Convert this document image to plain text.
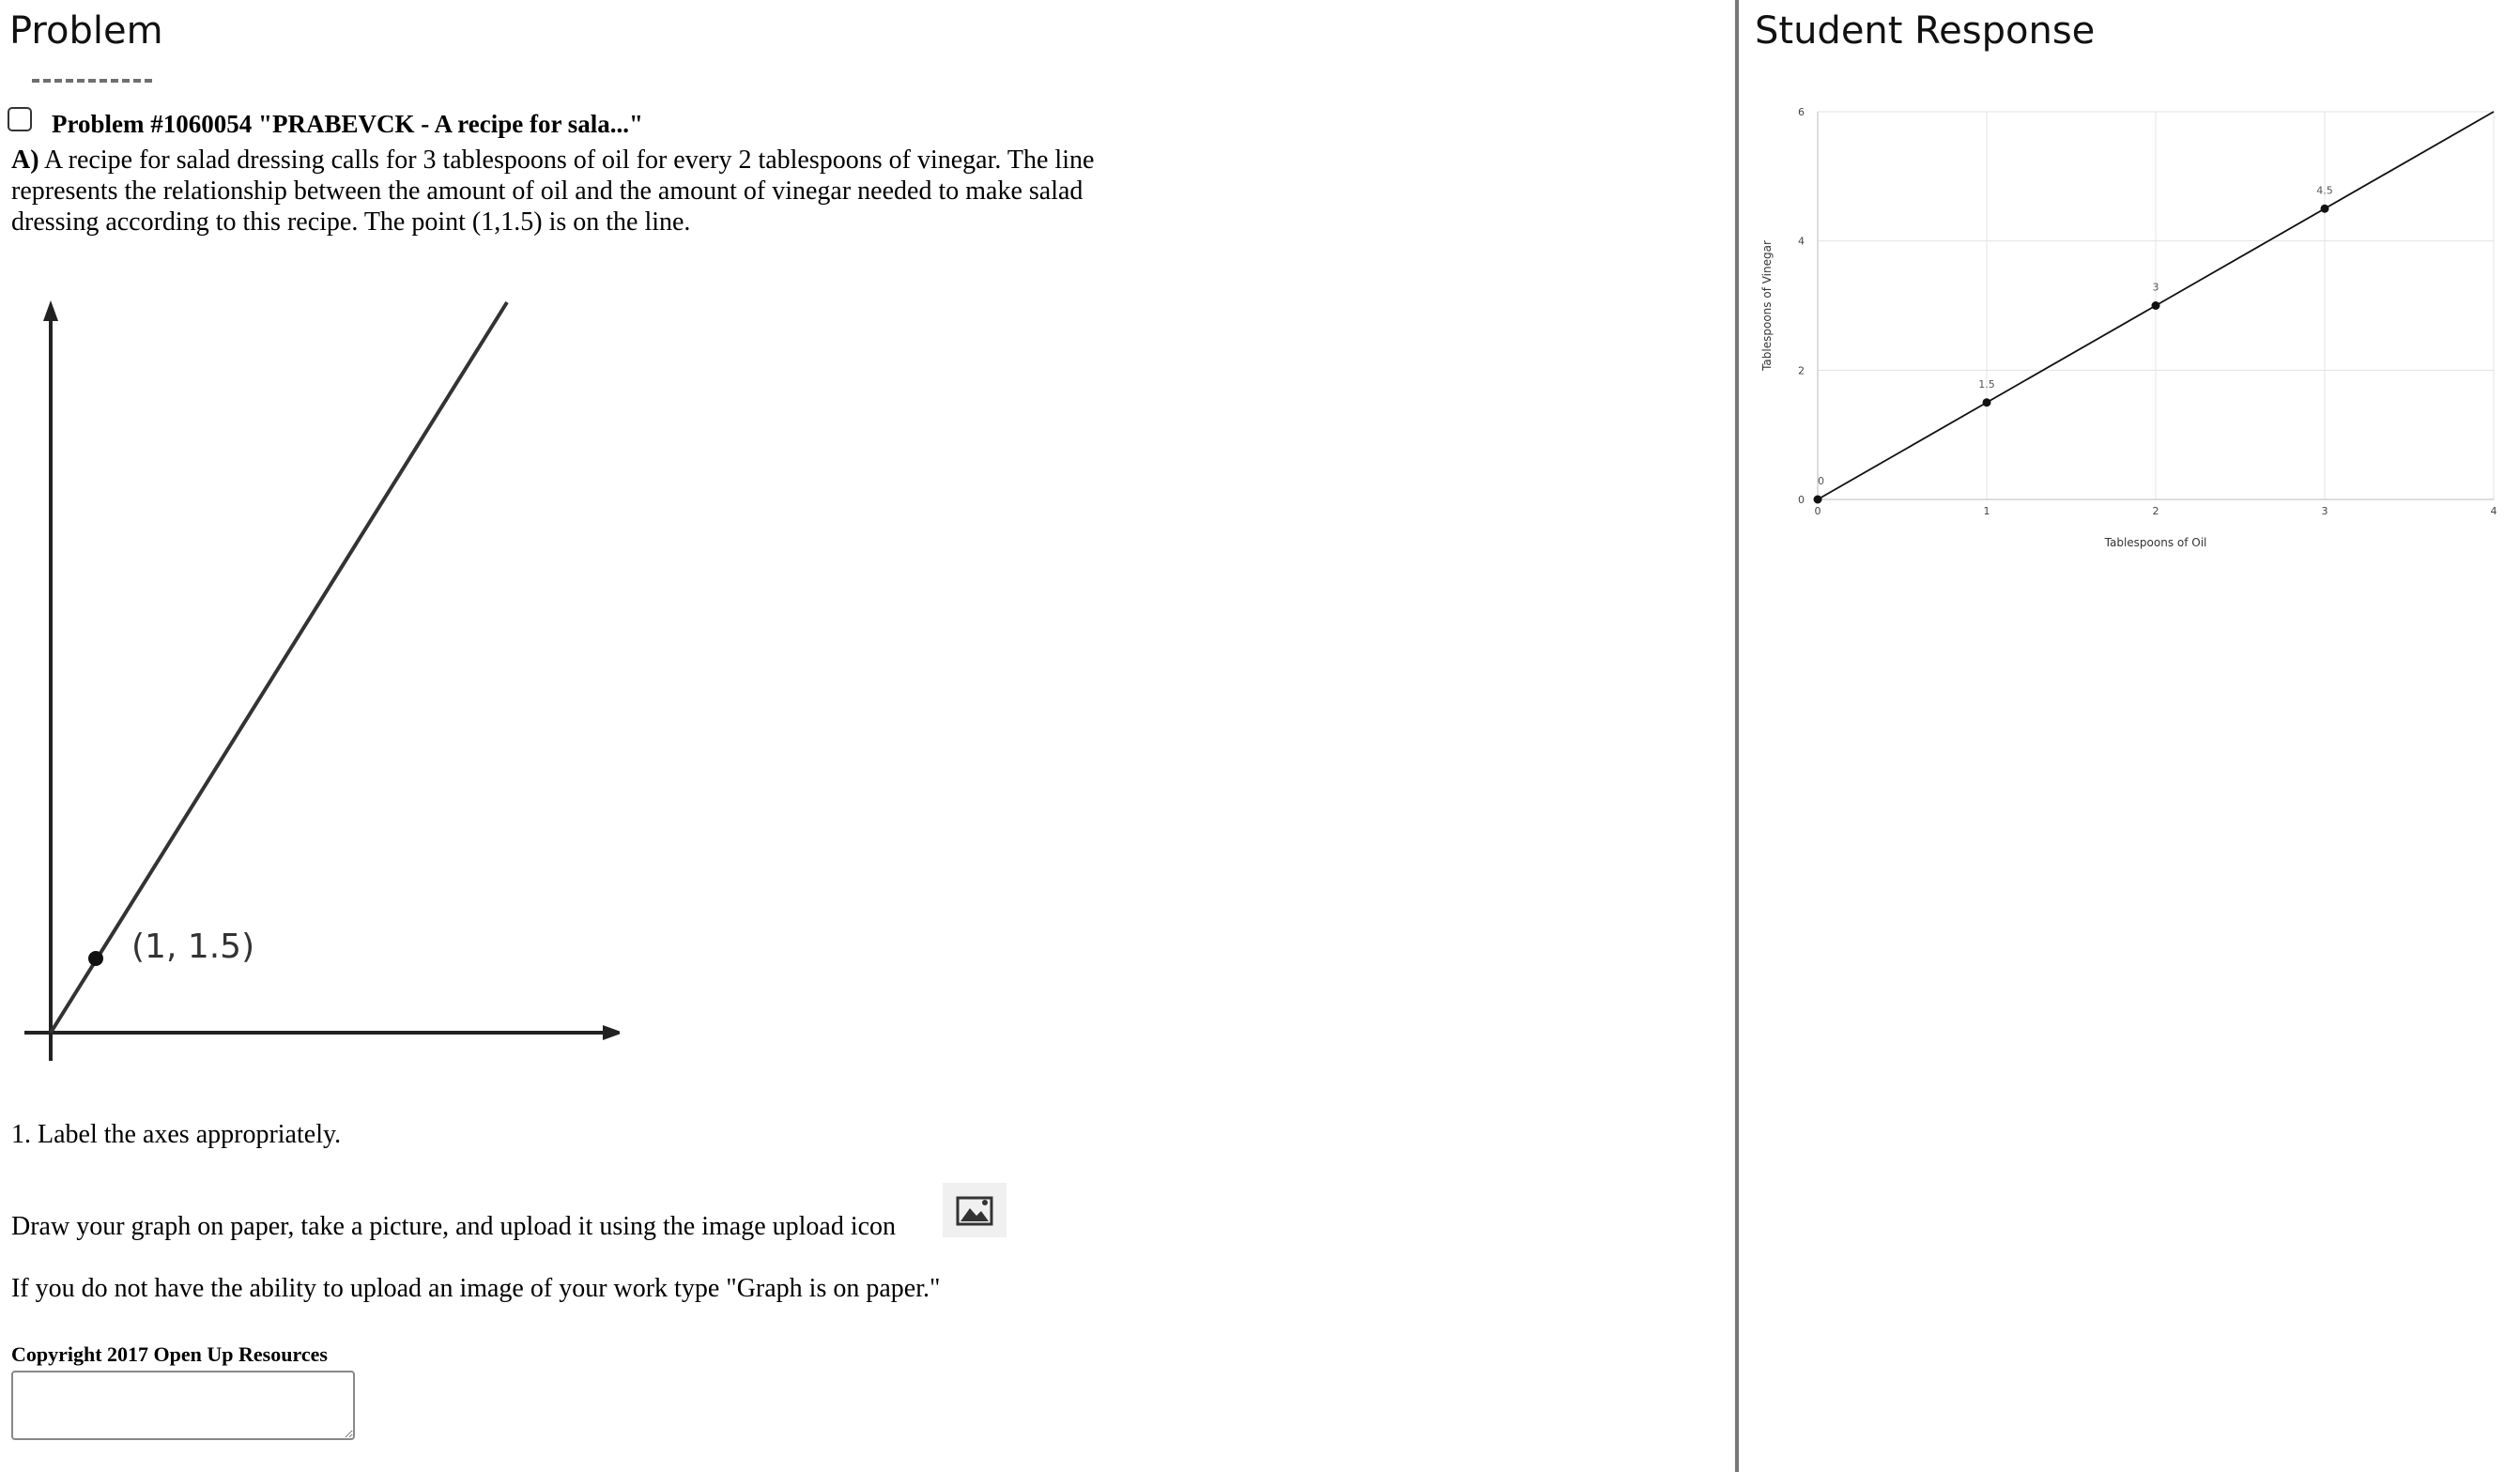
Problem
Problem #1060054 "PRABEVCK - A recipe for sala..."
A) A recipe for salad dressing calls for 3 tablespoons of oil for every 2 tablespoons of vinegar. The line represents the relationship between the amount of oil and the amount of vinegar needed to make salad dressing according to this recipe. The point (1,1.5) is on the line.
(1, 1.5)
1. Label the axes appropriately.
Draw your graph on paper, take a picture, and upload it using the image upload icon
If you do not have the ability to upload an image of your work type "Graph is on paper."
Copyright 2017 Open Up Resources
Student Response
0	1	2	3	4
0
2
4
6
0
1.5
3
4.5
Tablespoons of Oil
Tablespoons of Vinegar
